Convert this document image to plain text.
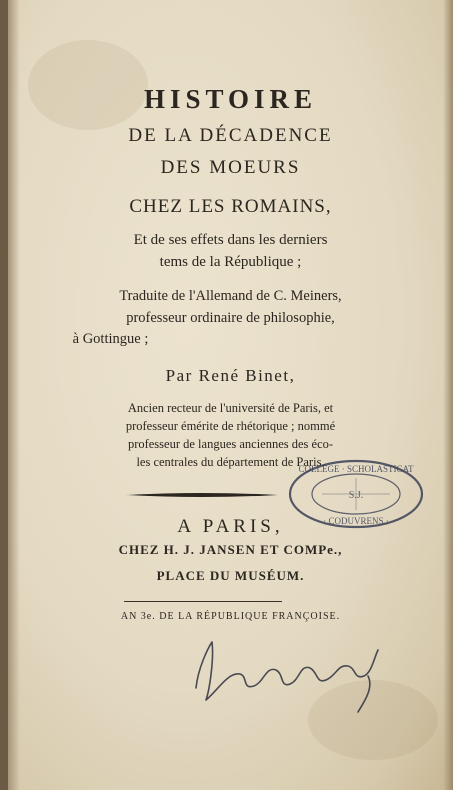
HISTOIRE
DE LA DÉCADENCE
DES MOEURS
CHEZ LES ROMAINS,
Et de ses effets dans les derniers
tems de la République ;
Traduite de l'Allemand de C. Meiners,
professeur ordinaire de philosophie,
à Gottingue ;
Par René Binet,
Ancien recteur de l'université de Paris, et
professeur émérite de rhétorique ; nommé
professeur de langues anciennes des éco-
les centrales du département de Paris.
A PARIS,
CHEZ H. J. JANSEN ET COMPe.,
PLACE DU MUSÉUM.
AN 3e. DE LA RÉPUBLIQUE FRANÇOISE.
COLLÈGE · SCHOLASTICAT
· CODUVRENS ·
S.J.
